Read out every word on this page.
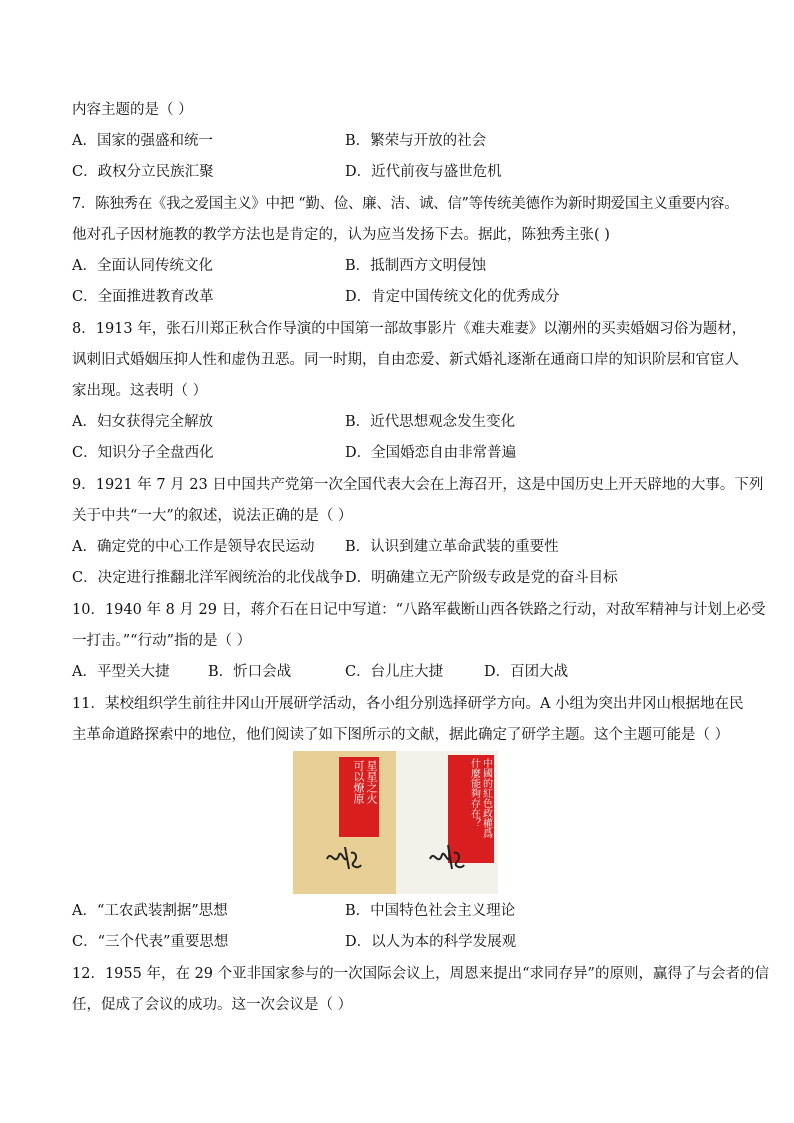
内容主题的是（ ）
A．国家的强盛和统一	B．繁荣与开放的社会
C．政权分立民族汇聚	D．近代前夜与盛世危机
7．陈独秀在《我之爱国主义》中把 “勤、俭、廉、洁、诚、信”等传统美德作为新时期爱国主义重要内容。
他对孔子因材施教的教学方法也是肯定的，认为应当发扬下去。据此，陈独秀主张( )
A．全面认同传统文化	B．抵制西方文明侵蚀
C．全面推进教育改革	D．肯定中国传统文化的优秀成分
8．1913 年，张石川郑正秋合作导演的中国第一部故事影片《难夫难妻》以潮州的买卖婚姻习俗为题材，
讽刺旧式婚姻压抑人性和虚伪丑恶。同一时期，自由恋爱、新式婚礼逐渐在通商口岸的知识阶层和官宦人
家出现。这表明（ ）
A．妇女获得完全解放	B．近代思想观念发生变化
C．知识分子全盘西化	D．全国婚恋自由非常普遍
9．1921 年 7 月 23 日中国共产党第一次全国代表大会在上海召开，这是中国历史上开天辟地的大事。下列
关于中共“一大”的叙述，说法正确的是（ ）
A．确定党的中心工作是领导农民运动 B．认识到建立革命武装的重要性
C．决定进行推翻北洋军阀统治的北伐战争 D．明确建立无产阶级专政是党的奋斗目标
10．1940 年 8 月 29 日，蒋介石在日记中写道：“八路军截断山西各铁路之行动，对敌军精神与计划上必受
一打击。”“行动”指的是（ ）
A．平型关大捷	B．忻口会战	C．台儿庄大捷	D．百团大战
11．某校组织学生前往井冈山开展研学活动，各小组分别选择研学方向。A 小组为突出井冈山根据地在民
主革命道路探索中的地位，他们阅读了如下图所示的文献，据此确定了研学主题。这个主题可能是（ ）
星星之火
可以燎原	中國的紅色政權爲
什麼能夠存在？
A．“工农武装割据”思想	B．中国特色社会主义理论
C．“三个代表”重要思想	D．以人为本的科学发展观
12．1955 年，在 29 个亚非国家参与的一次国际会议上，周恩来提出“求同存异”的原则，赢得了与会者的信
任，促成了会议的成功。这一次会议是（ ）
